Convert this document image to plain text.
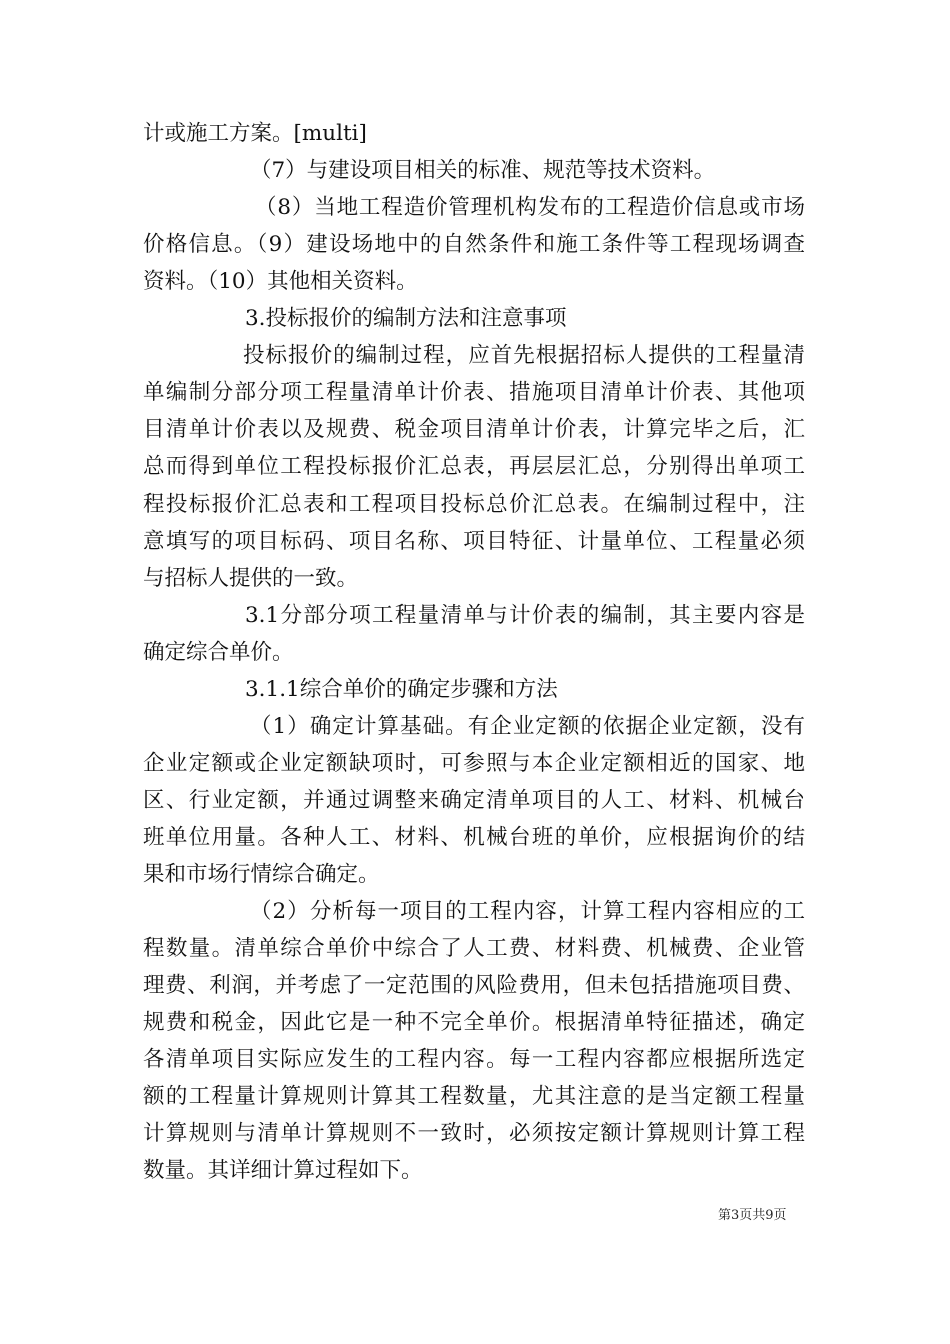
计或施工方案。[multi]
（7）与建设项目相关的标准、规范等技术资料。
（8）当地工程造价管理机构发布的工程造价信息或市场
价格信息。（9）建设场地中的自然条件和施工条件等工程现场调查
资料。（10）其他相关资料。
3.投标报价的编制方法和注意事项
投标报价的编制过程，应首先根据招标人提供的工程量清
单编制分部分项工程量清单计价表、措施项目清单计价表、其他项
目清单计价表以及规费、税金项目清单计价表，计算完毕之后，汇
总而得到单位工程投标报价汇总表，再层层汇总，分别得出单项工
程投标报价汇总表和工程项目投标总价汇总表。在编制过程中，注
意填写的项目标码、项目名称、项目特征、计量单位、工程量必须
与招标人提供的一致。
3.1分部分项工程量清单与计价表的编制，其主要内容是
确定综合单价。
3.1.1综合单价的确定步骤和方法
（1）确定计算基础。有企业定额的依据企业定额，没有
企业定额或企业定额缺项时，可参照与本企业定额相近的国家、地
区、行业定额，并通过调整来确定清单项目的人工、材料、机械台
班单位用量。各种人工、材料、机械台班的单价，应根据询价的结
果和市场行情综合确定。
（2）分析每一项目的工程内容，计算工程内容相应的工
程数量。清单综合单价中综合了人工费、材料费、机械费、企业管
理费、利润，并考虑了一定范围的风险费用，但未包括措施项目费、
规费和税金，因此它是一种不完全单价。根据清单特征描述，确定
各清单项目实际应发生的工程内容。每一工程内容都应根据所选定
额的工程量计算规则计算其工程数量，尤其注意的是当定额工程量
计算规则与清单计算规则不一致时，必须按定额计算规则计算工程
数量。其详细计算过程如下。
第3页共9页
